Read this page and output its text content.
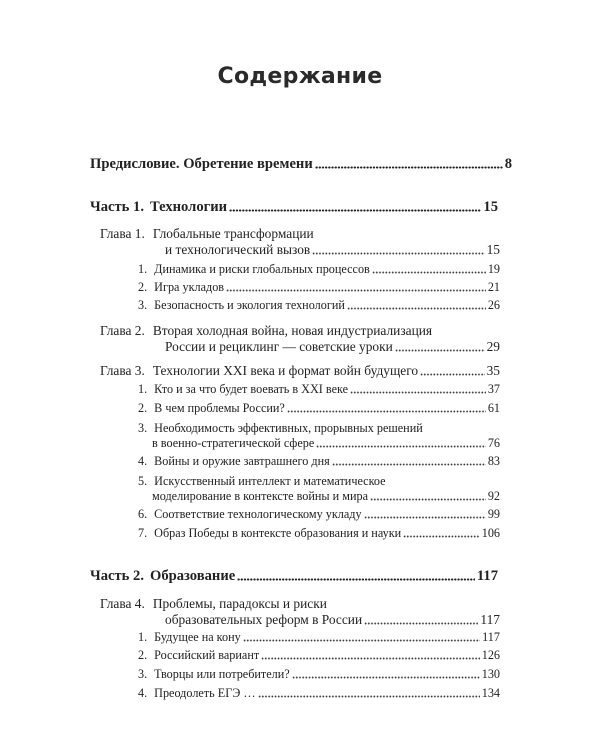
Содержание
Предисловие. Обретение времени	8
Часть 1. Технологии	15
Глава 1. Глобальные трансформации
и технологический вызов	15
1. Динамика и риски глобальных процессов	19
2. Игра укладов	21
3. Безопасность и экология технологий	26
Глава 2. Вторая холодная война, новая индустриализация
России и рециклинг — советские уроки	29
Глава 3. Технологии XXI века и формат войн будущего	35
1. Кто и за что будет воевать в XXI веке	37
2. В чем проблемы России?	61
3. Необходимость эффективных, прорывных решений
в военно-стратегической сфере	76
4. Войны и оружие завтрашнего дня	83
5. Искусственный интеллект и математическое
моделирование в контексте войны и мира	92
6. Соответствие технологическому укладу	99
7. Образ Победы в контексте образования и науки	106
Часть 2. Образование	117
Глава 4. Проблемы, парадоксы и риски
образовательных реформ в России	117
1. Будущее на кону	117
2. Российский вариант	126
3. Творцы или потребители?	130
4. Преодолеть ЕГЭ …	134
